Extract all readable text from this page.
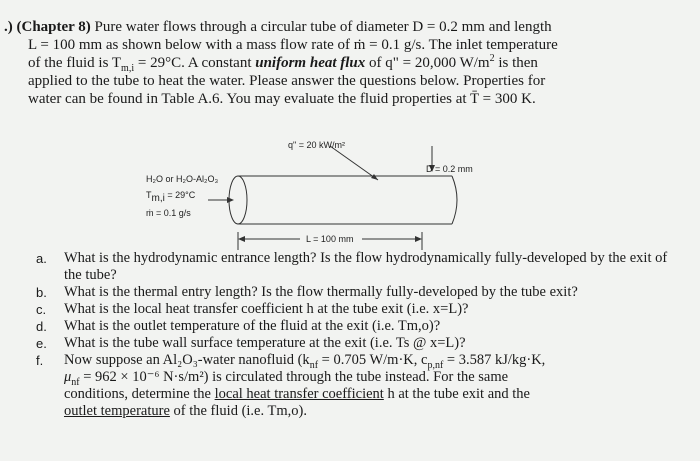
.) (Chapter 8) Pure water flows through a circular tube of diameter D = 0.2 mm and length
L = 100 mm as shown below with a mass flow rate of ṁ = 0.1 g/s. The inlet temperature
of the fluid is $T_{m,i} = 29^\circ C$. A constant uniform heat flux of q" = 20,000 $W/m^2$ is then
applied to the tube to heat the water. Please answer the questions below. Properties for
water can be found in Table A.6. You may evaluate the fluid properties at T̄ = 300 K.
q" = 20 kW/m²
D = 0.2 mm
H₂O or H₂O-Al₂O₃
$T_{m,i} = 29^\circ C$
ṁ = 0.1 g/s
L = 100 mm
a.	What is the hydrodynamic entrance length? Is the flow hydrodynamically fully-developed by the exit of the tube?
b.	What is the thermal entry length? Is the flow thermally fully-developed by the tube exit?
c.	What is the local heat transfer coefficient h at the tube exit (i.e. x=L)?
d.	What is the outlet temperature of the fluid at the exit (i.e. Tm,o)?
e.	What is the tube wall surface temperature at the exit (i.e. Ts @ x=L)?
f.	Now suppose an Al₂O₃-water nanofluid ($k_{nf} = 0.705$ W/m·K, $c_{p,nf} = 3.587$ kJ/kg·K,
$\mu_{nf} = 962 \times 10^{-6}$ N·s/m²) is circulated through the tube instead. For the same
conditions, determine the local heat transfer coefficient h at the tube exit and the
outlet temperature of the fluid (i.e. Tm,o).
